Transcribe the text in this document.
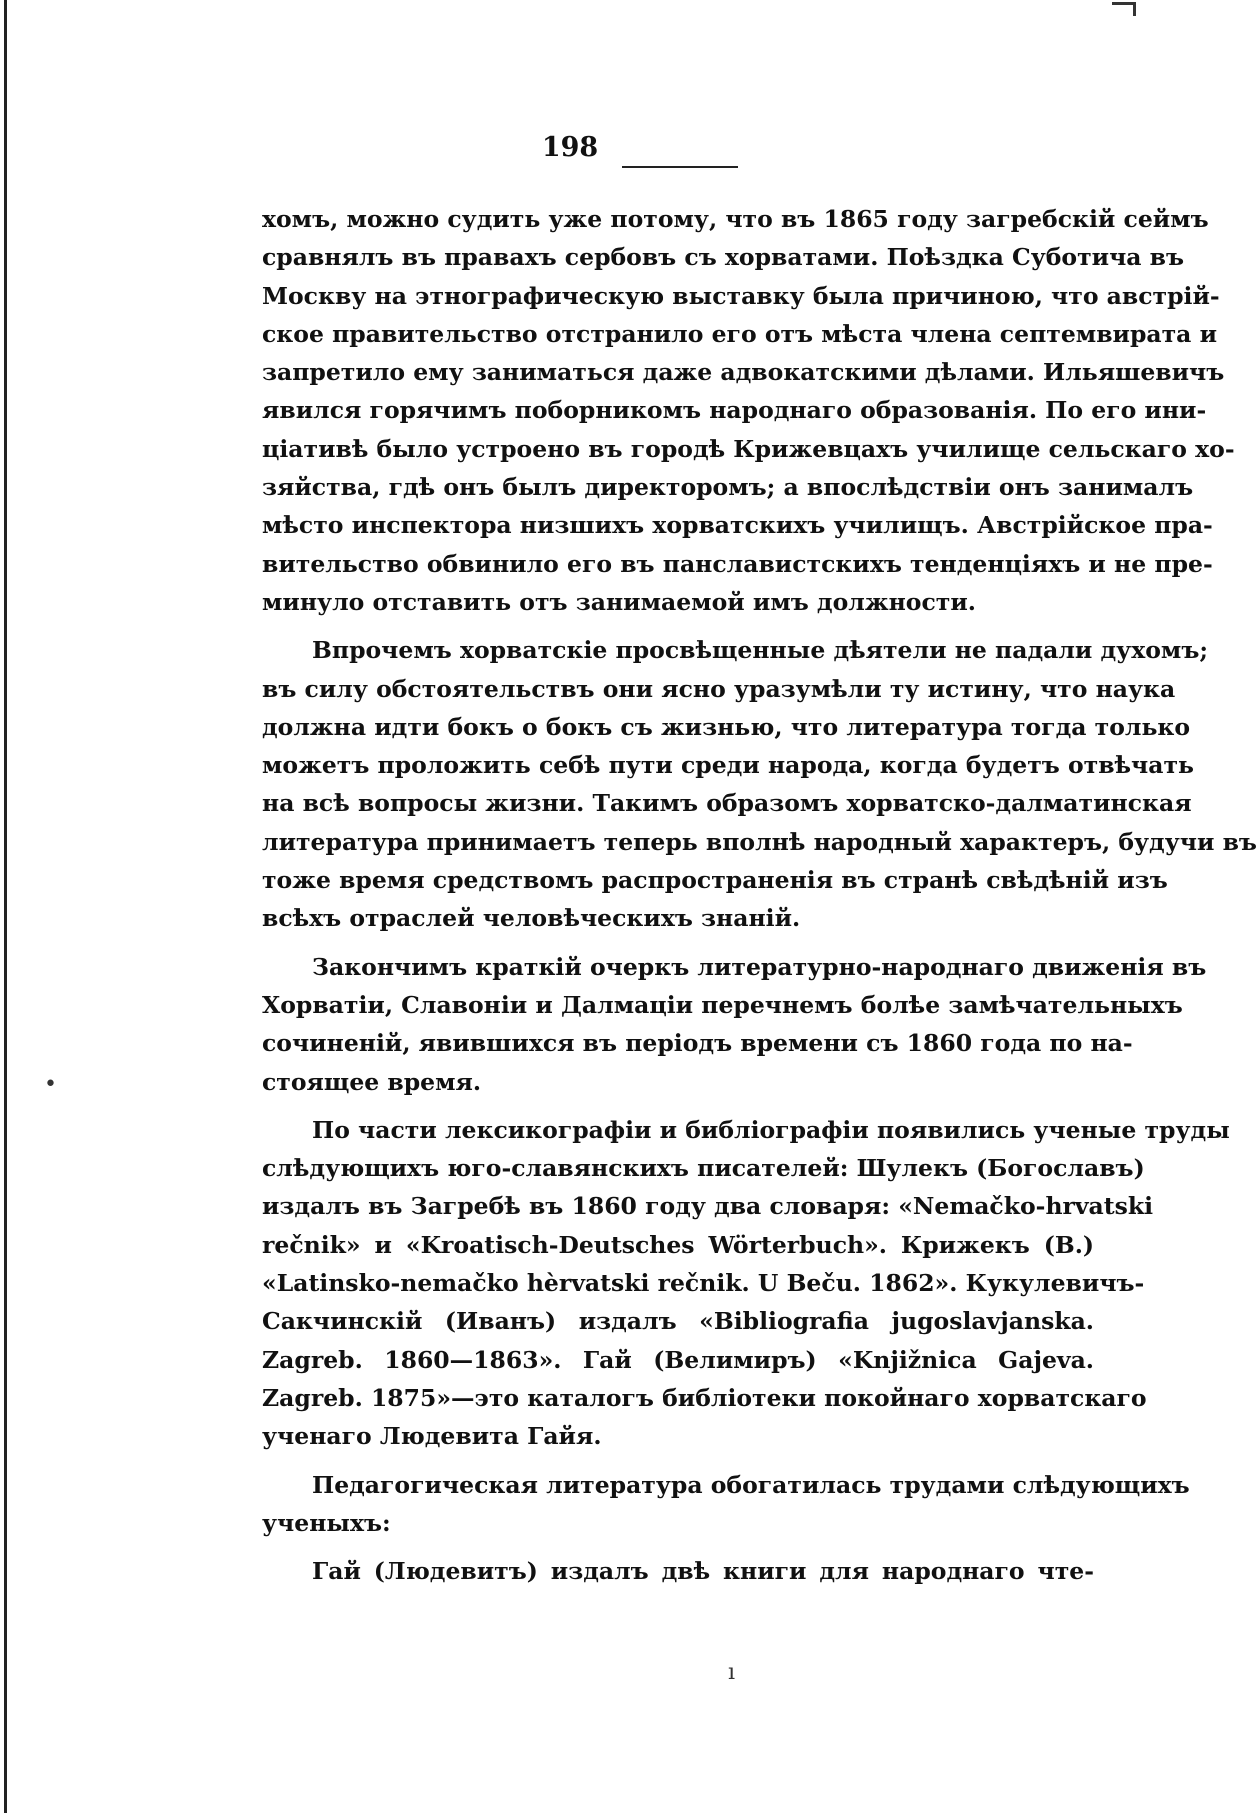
198
хомъ, можно судить уже потому, что въ 1865 году загребскій сеймъ
сравнялъ въ правахъ сербовъ съ хорватами. Поѣздка Суботича въ
Москву на этнографическую выставку была причиною, что австрій-
ское правительство отстранило его отъ мѣста члена септемвирата и
запретило ему заниматься даже адвокатскими дѣлами. Ильяшевичъ
явился горячимъ поборникомъ народнаго образованія. По его ини-
ціативѣ было устроено въ городѣ Крижевцахъ училище сельскаго хо-
зяйства, гдѣ онъ былъ директоромъ; а впослѣдствіи онъ занималъ
мѣсто инспектора низшихъ хорватскихъ училищъ. Австрійское пра-
вительство обвинило его въ панславистскихъ тенденціяхъ и не пре-
минуло отставить отъ занимаемой имъ должности.
Впрочемъ хорватскіе просвѣщенные дѣятели не падали духомъ;
въ силу обстоятельствъ они ясно уразумѣли ту истину, что наука
должна идти бокъ о бокъ съ жизнью, что литература тогда только
можетъ проложить себѣ пути среди народа, когда будетъ отвѣчать
на всѣ вопросы жизни. Такимъ образомъ хорватско-далматинская
литература принимаетъ теперь вполнѣ народный характеръ, будучи въ
тоже время средствомъ распространенія въ странѣ свѣдѣній изъ
всѣхъ отраслей человѣческихъ знаній.
Закончимъ краткій очеркъ литературно-народнаго движенія въ
Хорватіи, Славоніи и Далмаціи перечнемъ болѣе замѣчательныхъ
сочиненій, явившихся въ періодъ времени съ 1860 года по на-
стоящее время.
По части лексикографіи и библіографіи появились ученые труды
слѣдующихъ юго-славянскихъ писателей: Шулекъ (Богославъ)
издалъ въ Загребѣ въ 1860 году два словаря: «Nemačko-hrvatski
rečnik» и «Kroatisch-Deutsches Wörterbuch». Крижекъ (В.)
«Latinsko-nemačko hèrvatski rečnik. U Beču. 1862». Кукулевичъ-
Сакчинскій (Иванъ) издалъ «Bibliografia jugoslavjanska.
Zagreb. 1860—1863». Гай (Велимиръ) «Knjižnica Gajeva.
Zagreb. 1875»—это каталогъ библіотеки покойнаго хорватскаго
ученаго Людевита Гайя.
Педагогическая литература обогатилась трудами слѣдующихъ
ученыхъ:
Гай (Людевитъ) издалъ двѣ книги для народнаго чте-
•
ı
